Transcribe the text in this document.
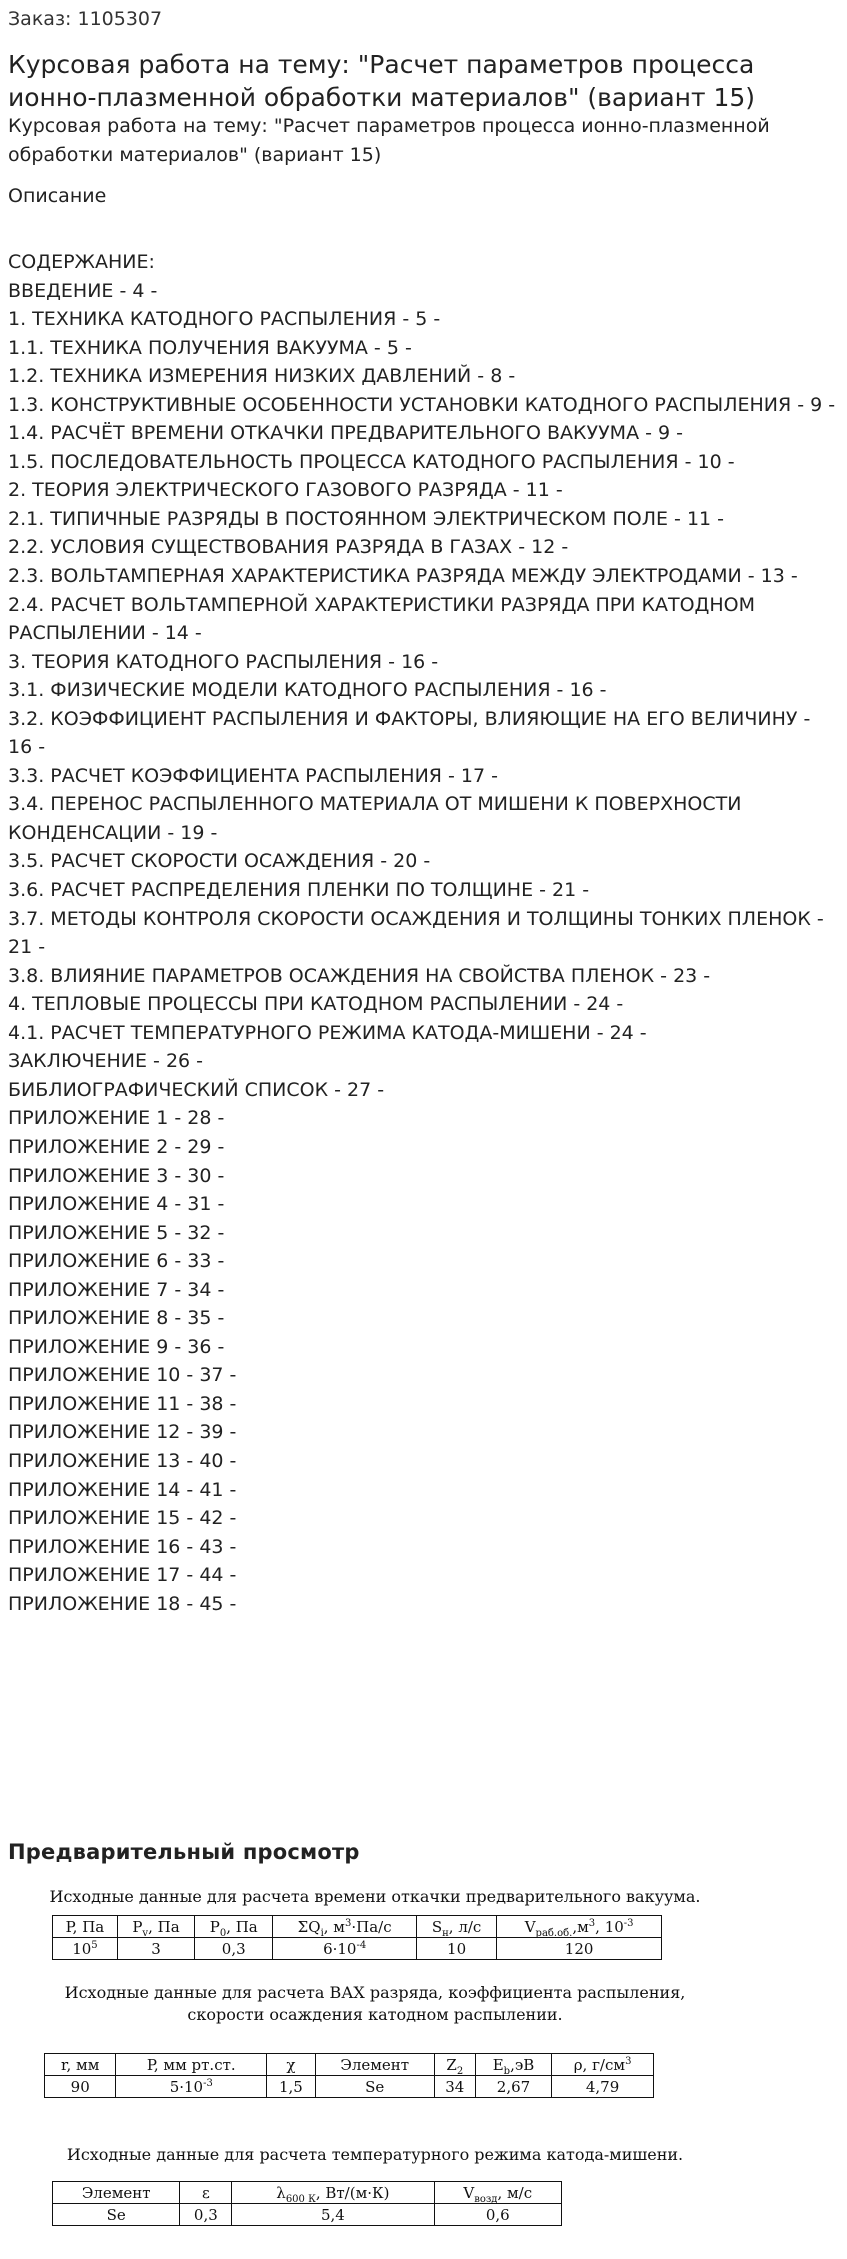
Заказ: 1105307
Курсовая работа на тему: "Расчет параметров процесса ионно-плазменной обработки материалов" (вариант 15)
Курсовая работа на тему: "Расчет параметров процесса ионно-плазменной обработки материалов" (вариант 15)
Описание
СОДЕРЖАНИЕ:
ВВЕДЕНИЕ - 4 -
1. ТЕХНИКА КАТОДНОГО РАСПЫЛЕНИЯ - 5 -
1.1. ТЕХНИКА ПОЛУЧЕНИЯ ВАКУУМА - 5 -
1.2. ТЕХНИКА ИЗМЕРЕНИЯ НИЗКИХ ДАВЛЕНИЙ - 8 -
1.3. КОНСТРУКТИВНЫЕ ОСОБЕННОСТИ УСТАНОВКИ КАТОДНОГО РАСПЫЛЕНИЯ - 9 -
1.4. РАСЧЁТ ВРЕМЕНИ ОТКАЧКИ ПРЕДВАРИТЕЛЬНОГО ВАКУУМА - 9 -
1.5. ПОСЛЕДОВАТЕЛЬНОСТЬ ПРОЦЕССА КАТОДНОГО РАСПЫЛЕНИЯ - 10 -
2. ТЕОРИЯ ЭЛЕКТРИЧЕСКОГО ГАЗОВОГО РАЗРЯДА - 11 -
2.1. ТИПИЧНЫЕ РАЗРЯДЫ В ПОСТОЯННОМ ЭЛЕКТРИЧЕСКОМ ПОЛЕ - 11 -
2.2. УСЛОВИЯ СУЩЕСТВОВАНИЯ РАЗРЯДА В ГАЗАХ - 12 -
2.3. ВОЛЬТАМПЕРНАЯ ХАРАКТЕРИСТИКА РАЗРЯДА МЕЖДУ ЭЛЕКТРОДАМИ - 13 -
2.4. РАСЧЕТ ВОЛЬТАМПЕРНОЙ ХАРАКТЕРИСТИКИ РАЗРЯДА ПРИ КАТОДНОМ РАСПЫЛЕНИИ - 14 -
3. ТЕОРИЯ КАТОДНОГО РАСПЫЛЕНИЯ - 16 -
3.1. ФИЗИЧЕСКИЕ МОДЕЛИ КАТОДНОГО РАСПЫЛЕНИЯ - 16 -
3.2. КОЭФФИЦИЕНТ РАСПЫЛЕНИЯ И ФАКТОРЫ, ВЛИЯЮЩИЕ НА ЕГО ВЕЛИЧИНУ - 16 -
3.3. РАСЧЕТ КОЭФФИЦИЕНТА РАСПЫЛЕНИЯ - 17 -
3.4. ПЕРЕНОС РАСПЫЛЕННОГО МАТЕРИАЛА ОТ МИШЕНИ К ПОВЕРХНОСТИ КОНДЕНСАЦИИ - 19 -
3.5. РАСЧЕТ СКОРОСТИ ОСАЖДЕНИЯ - 20 -
3.6. РАСЧЕТ РАСПРЕДЕЛЕНИЯ ПЛЕНКИ ПО ТОЛЩИНЕ - 21 -
3.7. МЕТОДЫ КОНТРОЛЯ СКОРОСТИ ОСАЖДЕНИЯ И ТОЛЩИНЫ ТОНКИХ ПЛЕНОК - 21 -
3.8. ВЛИЯНИЕ ПАРАМЕТРОВ ОСАЖДЕНИЯ НА СВОЙСТВА ПЛЕНОК - 23 -
4. ТЕПЛОВЫЕ ПРОЦЕССЫ ПРИ КАТОДНОМ РАСПЫЛЕНИИ - 24 -
4.1. РАСЧЕТ ТЕМПЕРАТУРНОГО РЕЖИМА КАТОДА-МИШЕНИ - 24 -
ЗАКЛЮЧЕНИЕ - 26 -
БИБЛИОГРАФИЧЕСКИЙ СПИСОК - 27 -
ПРИЛОЖЕНИЕ 1 - 28 -
ПРИЛОЖЕНИЕ 2 - 29 -
ПРИЛОЖЕНИЕ 3 - 30 -
ПРИЛОЖЕНИЕ 4 - 31 -
ПРИЛОЖЕНИЕ 5 - 32 -
ПРИЛОЖЕНИЕ 6 - 33 -
ПРИЛОЖЕНИЕ 7 - 34 -
ПРИЛОЖЕНИЕ 8 - 35 -
ПРИЛОЖЕНИЕ 9 - 36 -
ПРИЛОЖЕНИЕ 10 - 37 -
ПРИЛОЖЕНИЕ 11 - 38 -
ПРИЛОЖЕНИЕ 12 - 39 -
ПРИЛОЖЕНИЕ 13 - 40 -
ПРИЛОЖЕНИЕ 14 - 41 -
ПРИЛОЖЕНИЕ 15 - 42 -
ПРИЛОЖЕНИЕ 16 - 43 -
ПРИЛОЖЕНИЕ 17 - 44 -
ПРИЛОЖЕНИЕ 18 - 45 -
Предварительный просмотр
Исходные данные для расчета времени откачки предварительного вакуума.
P, Па	$P_v$, Па	$P_0$, Па	$\Sigma Q_i$, $м^3\cdot Па/с$	$S_н$, л/с	$V_{раб.об.},м^3$, $10^{-3}$
$10^5$	3	0,3	$6\cdot 10^{-4}$	10	120
Исходные данные для расчета ВАХ разряда, коэффициента распыления, скорости осаждения катодном распылении.
r, мм	P, мм рт.ст.	χ	Элемент	$Z_2$	$E_b,эВ$	ρ, $г/см^3$
90	$5\cdot 10^{-3}$	1,5	Se	34	2,67	4,79
Исходные данные для расчета температурного режима катода-мишени.
Элемент	ε	$\lambda_{600 К}$, Вт/(м·К)	$V_{возд}$, м/с
Se	0,3	5,4	0,6
